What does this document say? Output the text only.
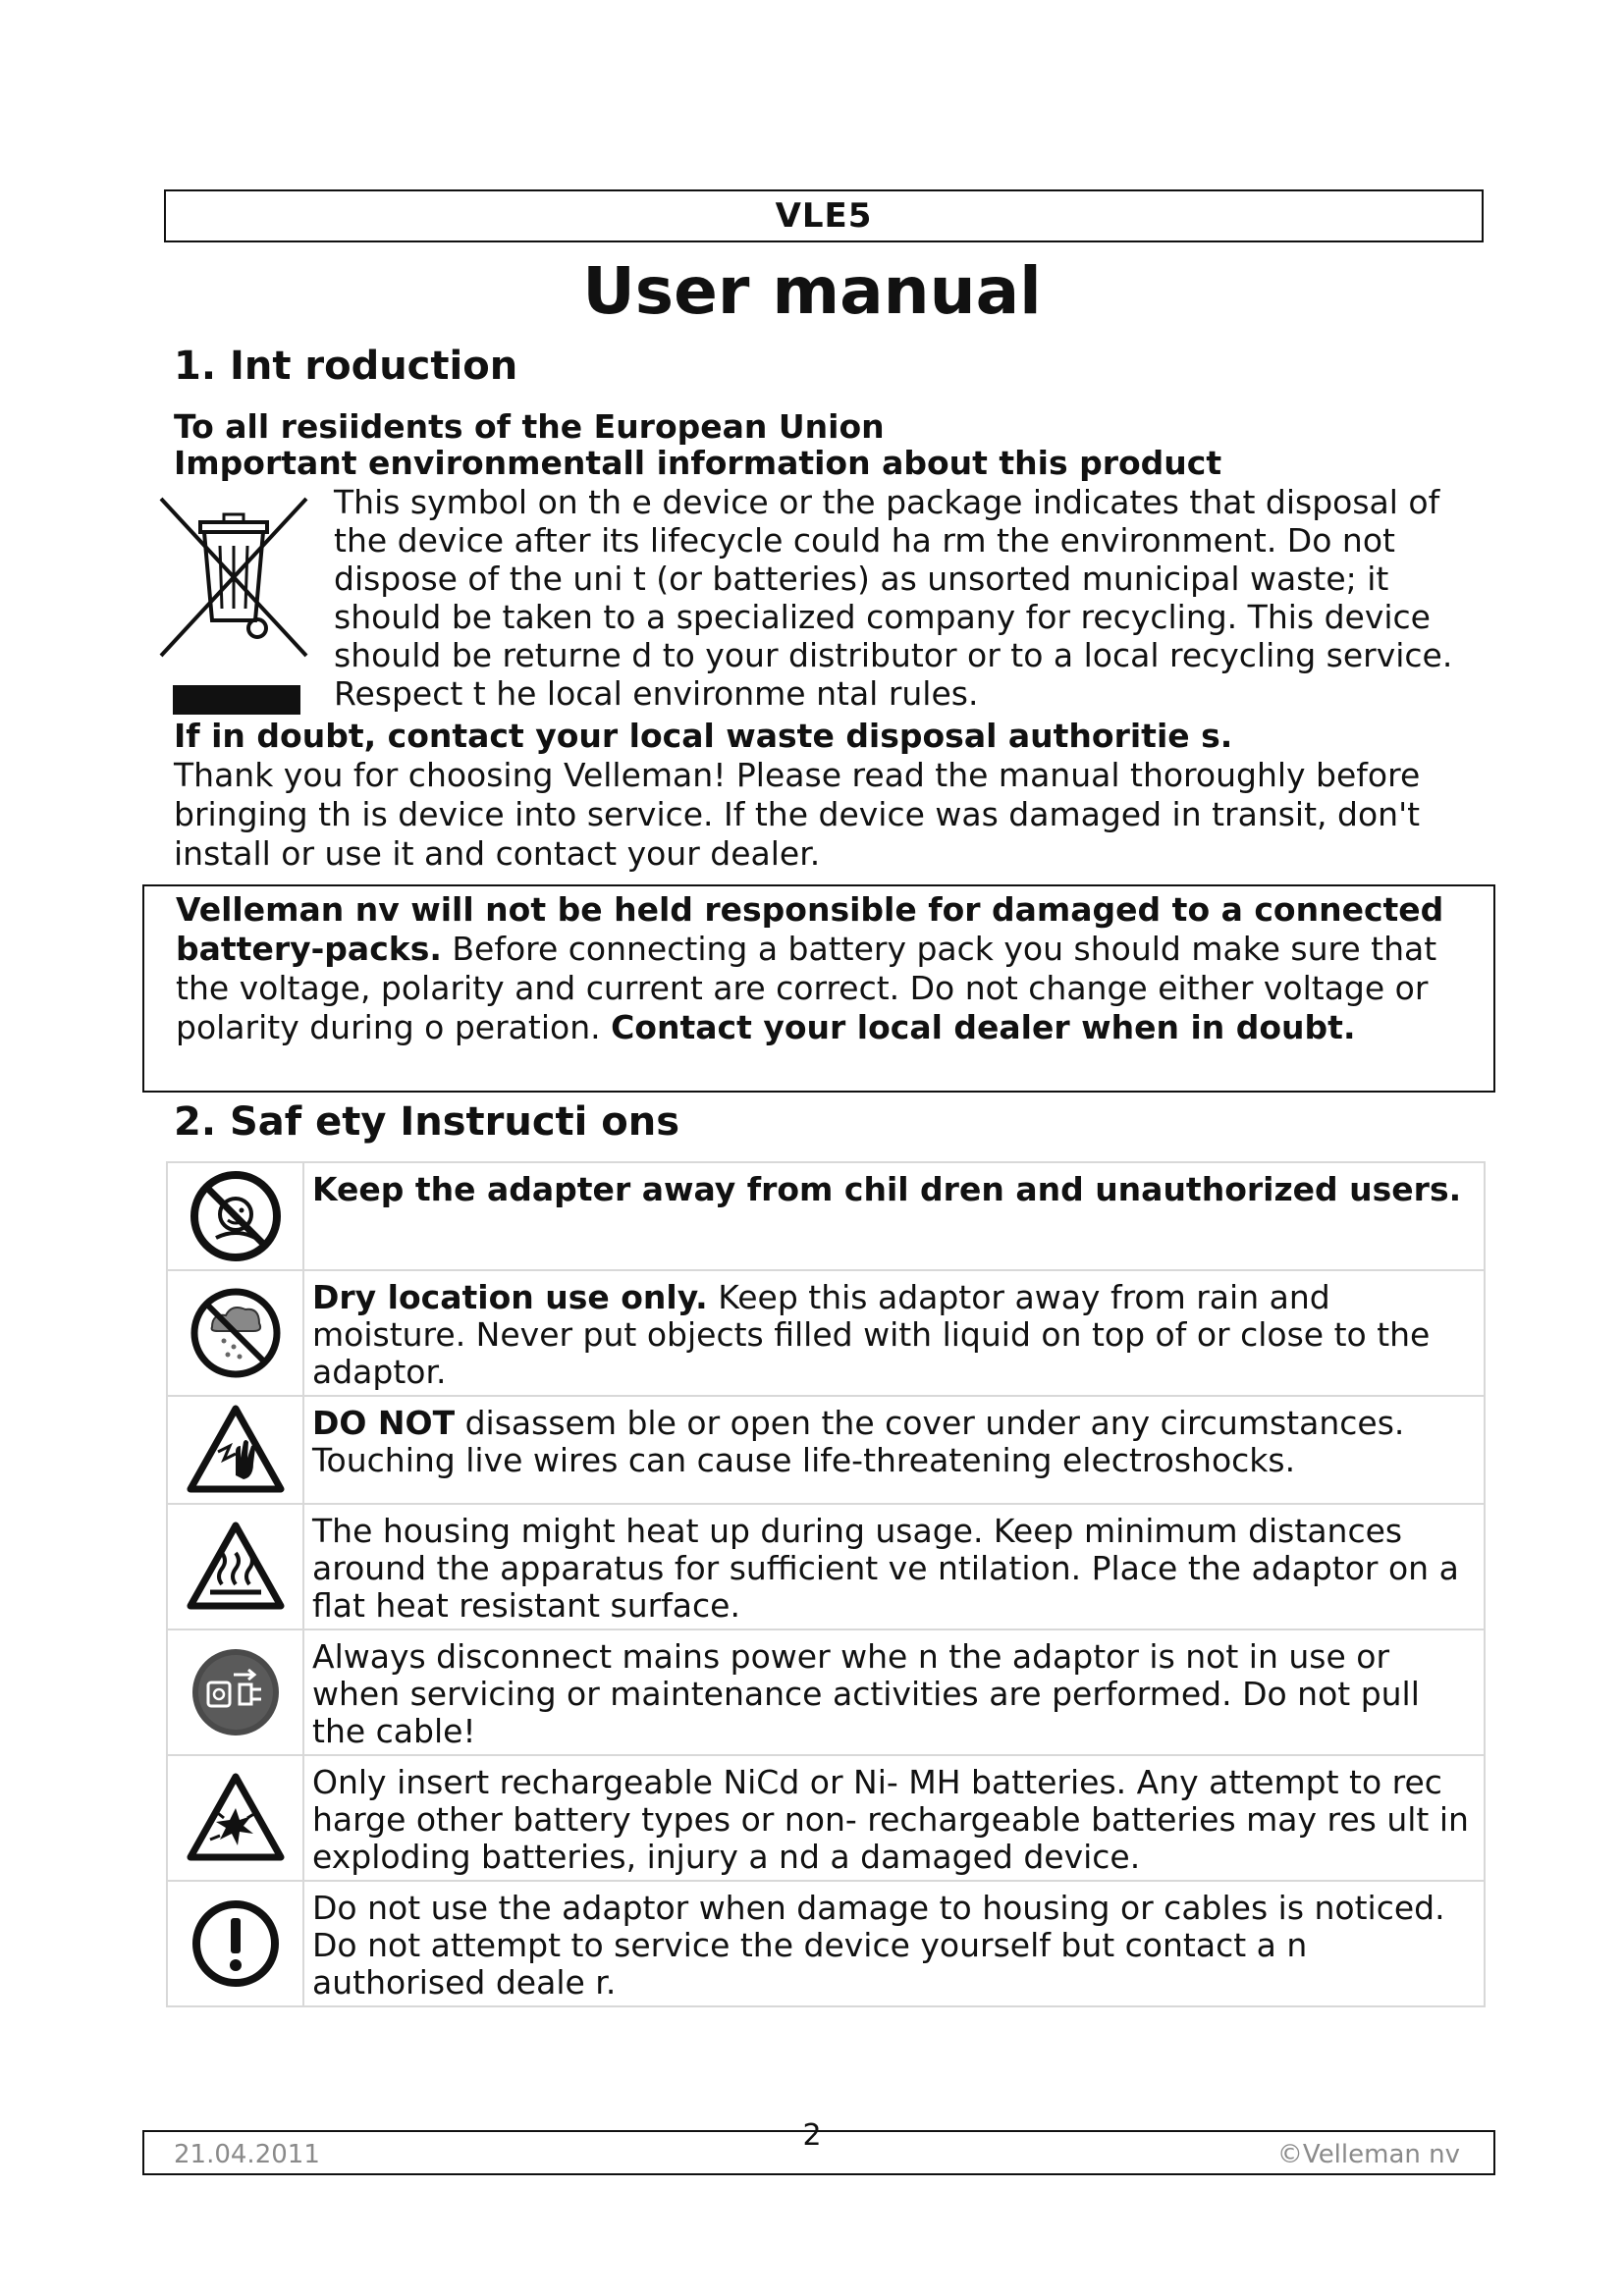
VLE5
User manual
1. Int roduction
To all resiidents of the European Union
Important environmentall information about this product
This symbol on th e device or the package indicates that disposal of the device after its lifecycle could ha rm the environment. Do not dispose of the uni t (or batteries) as unsorted municipal waste; it should be taken to a specialized company for recycling. This device should be returne d to your distributor or to a local recycling service. Respect t he local environme ntal rules.
If in doubt, contact your local waste disposal authoritie s.
Thank you for choosing Velleman! Please read the manual thoroughly before bringing th is device into service. If the device was damaged in transit, don't install or use it and contact your dealer.
Velleman nv will not be held responsible for damaged to a connected battery-packs. Before connecting a battery pack you should make sure that the voltage, polarity and current are correct. Do not change either voltage or polarity during o peration. Contact your local dealer when in doubt.
2. Saf ety Instructi ons
	Keep the adapter away from chil dren and unauthorized users.

	Dry location use only. Keep this adaptor away from rain and moisture. Never put objects filled with liquid on top of or close to the adaptor.

	DO NOT disassem ble or open the cover under any circumstances. Touching live wires can cause life-threatening electroshocks.

	The housing might heat up during usage. Keep minimum distances around the apparatus for sufficient ve ntilation. Place the adaptor on a flat heat resistant surface.

	Always disconnect mains power whe n the adaptor is not in use or when servicing or maintenance activities are performed. Do not pull the cable!

	Only insert rechargeable NiCd or Ni- MH batteries. Any attempt to rec harge other battery types or non- rechargeable batteries may res ult in exploding batteries, injury a nd a damaged device.

	Do not use the adaptor when damage to housing or cables is noticed. Do not attempt to service the device yourself but contact a n authorised deale r.
2
21.04.2011	©Velleman nv
